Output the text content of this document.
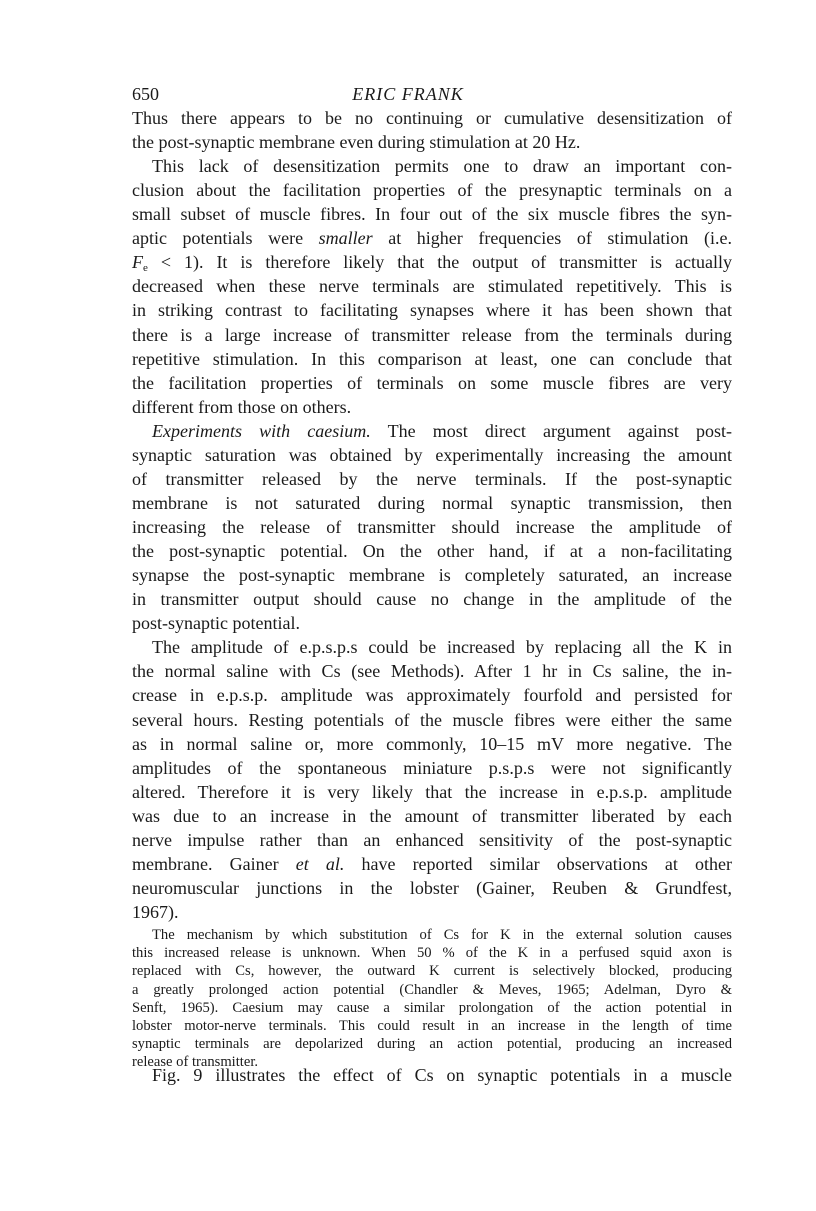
650	ERIC FRANK
Thus there appears to be no continuing or cumulative desensitization of
the post-synaptic membrane even during stimulation at 20 Hz.
This lack of desensitization permits one to draw an important con-
clusion about the facilitation properties of the presynaptic terminals on a
small subset of muscle fibres. In four out of the six muscle fibres the syn-
aptic potentials were smaller at higher frequencies of stimulation (i.e.
$F_e < 1$). It is therefore likely that the output of transmitter is actually
decreased when these nerve terminals are stimulated repetitively. This is
in striking contrast to facilitating synapses where it has been shown that
there is a large increase of transmitter release from the terminals during
repetitive stimulation. In this comparison at least, one can conclude that
the facilitation properties of terminals on some muscle fibres are very
different from those on others.
Experiments with caesium. The most direct argument against post-
synaptic saturation was obtained by experimentally increasing the amount
of transmitter released by the nerve terminals. If the post-synaptic
membrane is not saturated during normal synaptic transmission, then
increasing the release of transmitter should increase the amplitude of
the post-synaptic potential. On the other hand, if at a non-facilitating
synapse the post-synaptic membrane is completely saturated, an increase
in transmitter output should cause no change in the amplitude of the
post-synaptic potential.
The amplitude of e.p.s.p.s could be increased by replacing all the K in
the normal saline with Cs (see Methods). After 1 hr in Cs saline, the in-
crease in e.p.s.p. amplitude was approximately fourfold and persisted for
several hours. Resting potentials of the muscle fibres were either the same
as in normal saline or, more commonly, 10–15 mV more negative. The
amplitudes of the spontaneous miniature p.s.p.s were not significantly
altered. Therefore it is very likely that the increase in e.p.s.p. amplitude
was due to an increase in the amount of transmitter liberated by each
nerve impulse rather than an enhanced sensitivity of the post-synaptic
membrane. Gainer et al. have reported similar observations at other
neuromuscular junctions in the lobster (Gainer, Reuben & Grundfest,
1967).
The mechanism by which substitution of Cs for K in the external solution causes
this increased release is unknown. When 50 % of the K in a perfused squid axon is
replaced with Cs, however, the outward K current is selectively blocked, producing
a greatly prolonged action potential (Chandler & Meves, 1965; Adelman, Dyro &
Senft, 1965). Caesium may cause a similar prolongation of the action potential in
lobster motor-nerve terminals. This could result in an increase in the length of time
synaptic terminals are depolarized during an action potential, producing an increased
release of transmitter.
Fig. 9 illustrates the effect of Cs on synaptic potentials in a muscle
